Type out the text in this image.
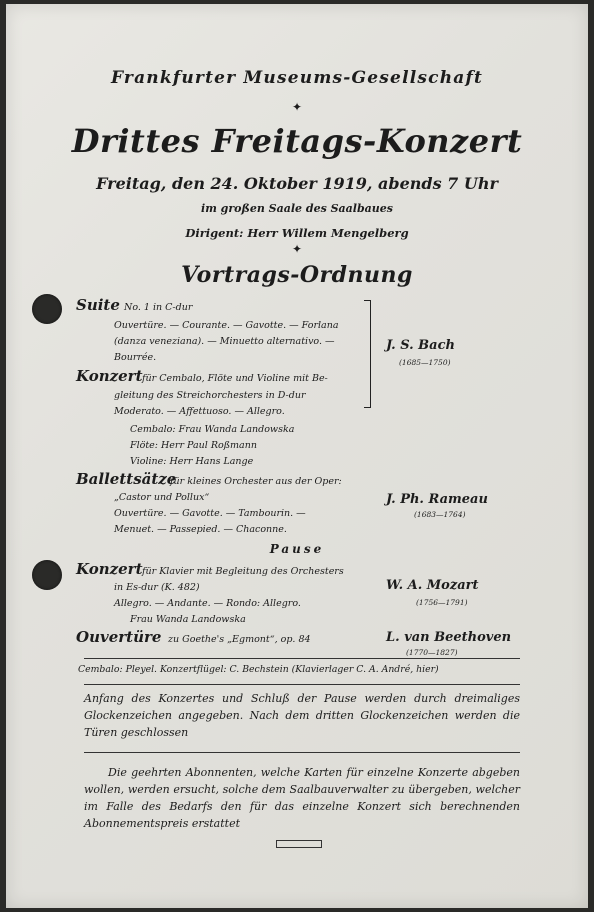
Frankfurter Museums-Gesellschaft
✦
Drittes Freitags-Konzert
Freitag, den 24. Oktober 1919, abends 7 Uhr
im großen Saale des Saalbaues
Dirigent: Herr Willem Mengelberg
✦
Vortrags-Ordnung
Suite No. 1 in C-dur
Ouvertüre. — Courante. — Gavotte. — Forlana
(danza veneziana). — Minuetto alternativo. —
Bourrée.
Konzert für Cembalo, Flöte und Violine mit Be-
gleitung des Streichorchesters in D-dur
Moderato. — Affettuoso. — Allegro.
Cembalo: Frau Wanda Landowska
Flöte: Herr Paul Roßmann
Violine: Herr Hans Lange
J. S. Bach
(1685—1750)
Ballettsätze
für kleines Orchester aus der Oper:
„Castor und Pollux“
Ouvertüre. — Gavotte. — Tambourin. —
Menuet. — Passepied. — Chaconne.
J. Ph. Rameau
(1683—1764)
Pause
Konzert für Klavier mit Begleitung des Orchesters
in Es-dur (K. 482)
Allegro. — Andante. — Rondo: Allegro.
Frau Wanda Landowska
W. A. Mozart
(1756—1791)
Ouvertüre zu Goethe's „Egmont“, op. 84	L. van Beethoven
(1770—1827)
Cembalo: Pleyel. Konzertflügel: C. Bechstein (Klavierlager C. A. André, hier)
Anfang des Konzertes und Schluß der Pause werden durch dreimaliges Glockenzeichen angegeben. Nach dem dritten Glockenzeichen werden die Türen geschlossen
Die geehrten Abonnenten, welche Karten für einzelne Konzerte abgeben wollen, werden ersucht, solche dem Saalbauverwalter zu übergeben, welcher im Falle des Bedarfs den für das einzelne Konzert sich berechnenden Abonnementspreis erstattet
